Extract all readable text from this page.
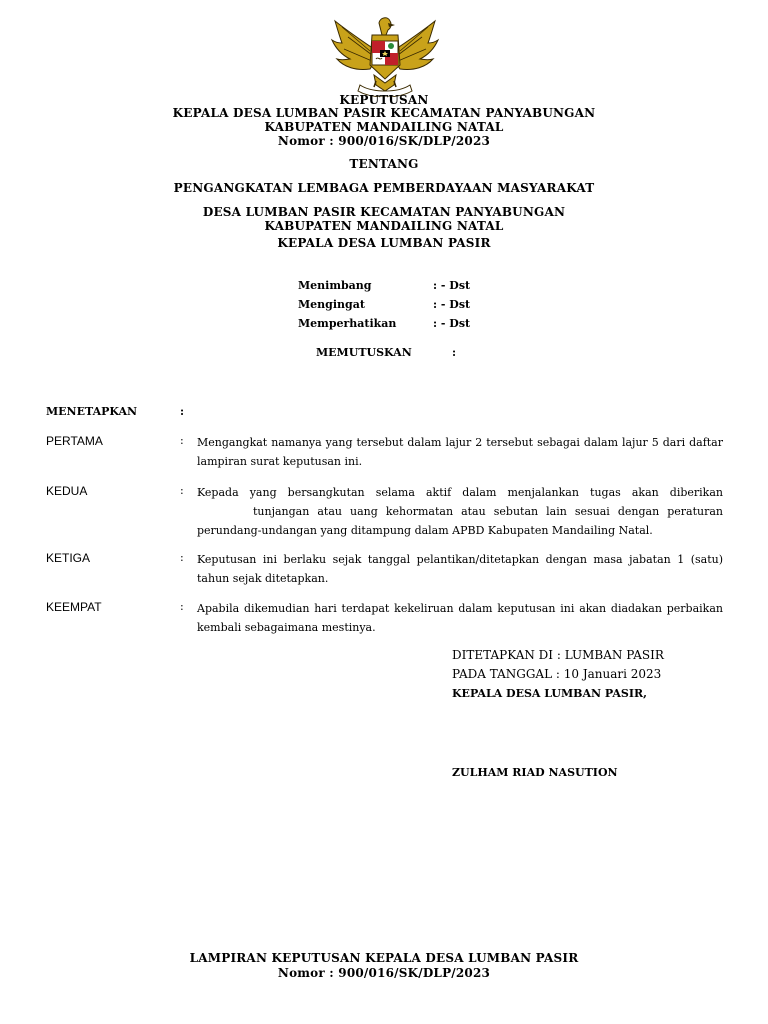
KEPUTUSAN
KEPALA DESA LUMBAN PASIR KECAMATAN PANYABUNGAN
KABUPATEN MANDAILING NATAL
Nomor : 900/016/SK/DLP/2023
TENTANG
PENGANGKATAN LEMBAGA PEMBERDAYAAN MASYARAKAT
DESA LUMBAN PASIR KECAMATAN PANYABUNGAN
KABUPATEN MANDAILING NATAL
KEPALA DESA LUMBAN PASIR
Menimbang	: - Dst
Mengingat	: - Dst
Memperhatikan	: - Dst
MEMUTUSKAN	:
MENETAPKAN	:
PERTAMA	: Mengangkat namanya yang tersebut dalam lajur 2 tersebut sebagai dalam lajur 5 dari daftar lampiran surat keputusan ini.
KEDUA	: Kepada yang bersangkutan selama aktif dalam menjalankan tugas akan diberikan
tunjangan atau uang kehormatan atau sebutan lain sesuai dengan peraturan perundang-undangan yang ditampung dalam APBD Kabupaten Mandailing Natal.
KETIGA	: Keputusan ini berlaku sejak tanggal pelantikan/ditetapkan dengan masa jabatan 1 (satu) tahun sejak ditetapkan.
KEEMPAT	: Apabila dikemudian hari terdapat kekeliruan dalam keputusan ini akan diadakan perbaikan kembali sebagaimana mestinya.
DITETAPKAN DI : LUMBAN PASIR
PADA TANGGAL : 10 Januari 2023
KEPALA DESA LUMBAN PASIR,
ZULHAM RIAD NASUTION
LAMPIRAN KEPUTUSAN KEPALA DESA LUMBAN PASIR
Nomor : 900/016/SK/DLP/2023
